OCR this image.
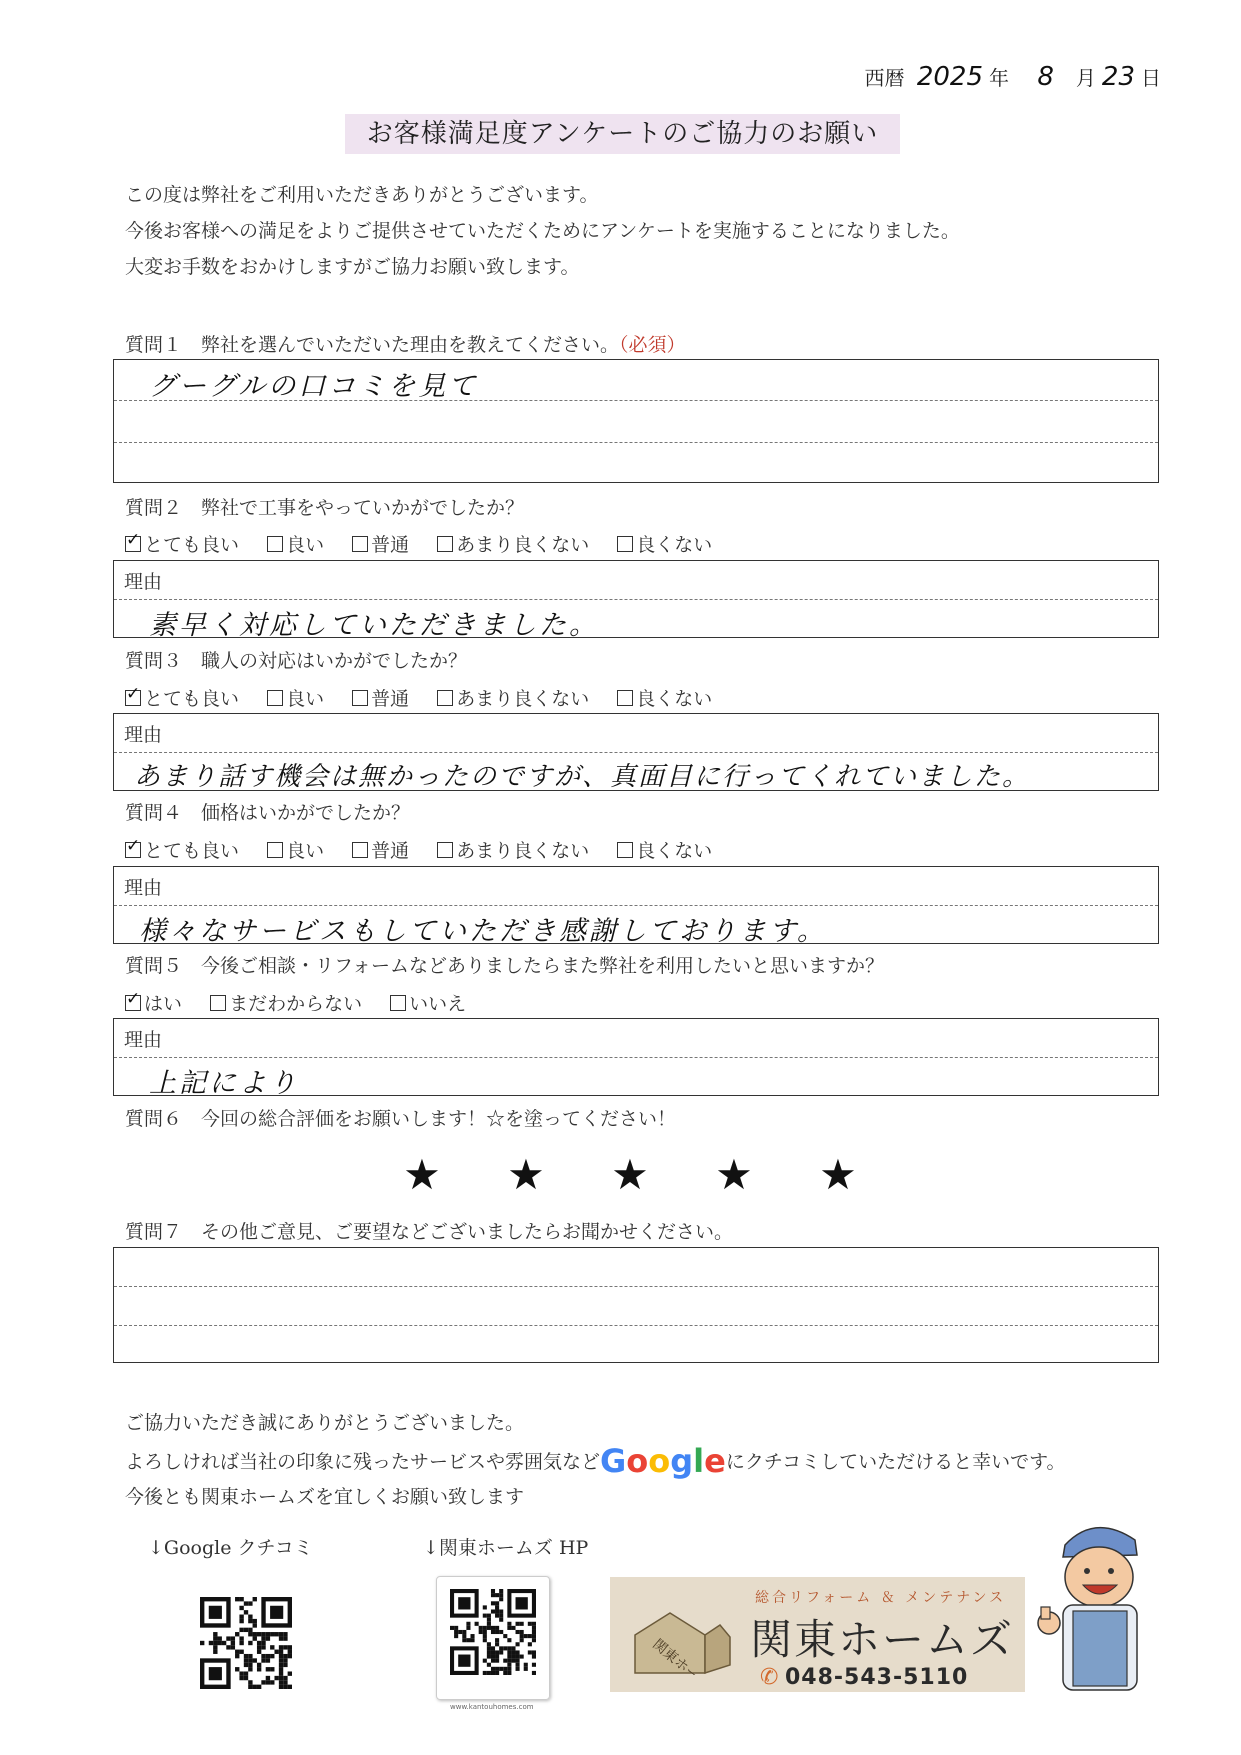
西暦 2025 年 8 月 23 日
お客様満足度アンケートのご協力のお願い
この度は弊社をご利用いただきありがとうございます。
今後お客様への満足をよりご提供させていただくためにアンケートを実施することになりました。
大変お手数をおかけしますがご協力お願い致します。
質問１　弊社を選んでいただいた理由を教えてください。（必須）
グーグルの口コミを見て
質問２　弊社で工事をやっていかがでしたか？
✓とても良い 良い 普通 あまり良くない 良くない
理由
素早く対応していただきました。
質問３　職人の対応はいかがでしたか？
✓とても良い 良い 普通 あまり良くない 良くない
理由
あまり話す機会は無かったのですが、真面目に行ってくれていました。
質問４　価格はいかがでしたか？
✓とても良い 良い 普通 あまり良くない 良くない
理由
様々なサービスもしていただき感謝しております。
質問５　今後ご相談・リフォームなどありましたらまた弊社を利用したいと思いますか？
✓はい まだわからない いいえ
理由
上記により
質問６　今回の総合評価をお願いします！☆を塗ってください！
★ ★ ★ ★ ★
質問７　その他ご意見、ご要望などございましたらお聞かせください。
ご協力いただき誠にありがとうございました。
よろしければ当社の印象に残ったサービスや雰囲気などGoogleにクチコミしていただけると幸いです。
今後とも関東ホームズを宜しくお願い致します
↓Google クチコミ	↓関東ホームズ HP
www.kantouhomes.com
総合リフォーム ＆ メンテナンス
関東ホームズ
✆ 048-543-5110
